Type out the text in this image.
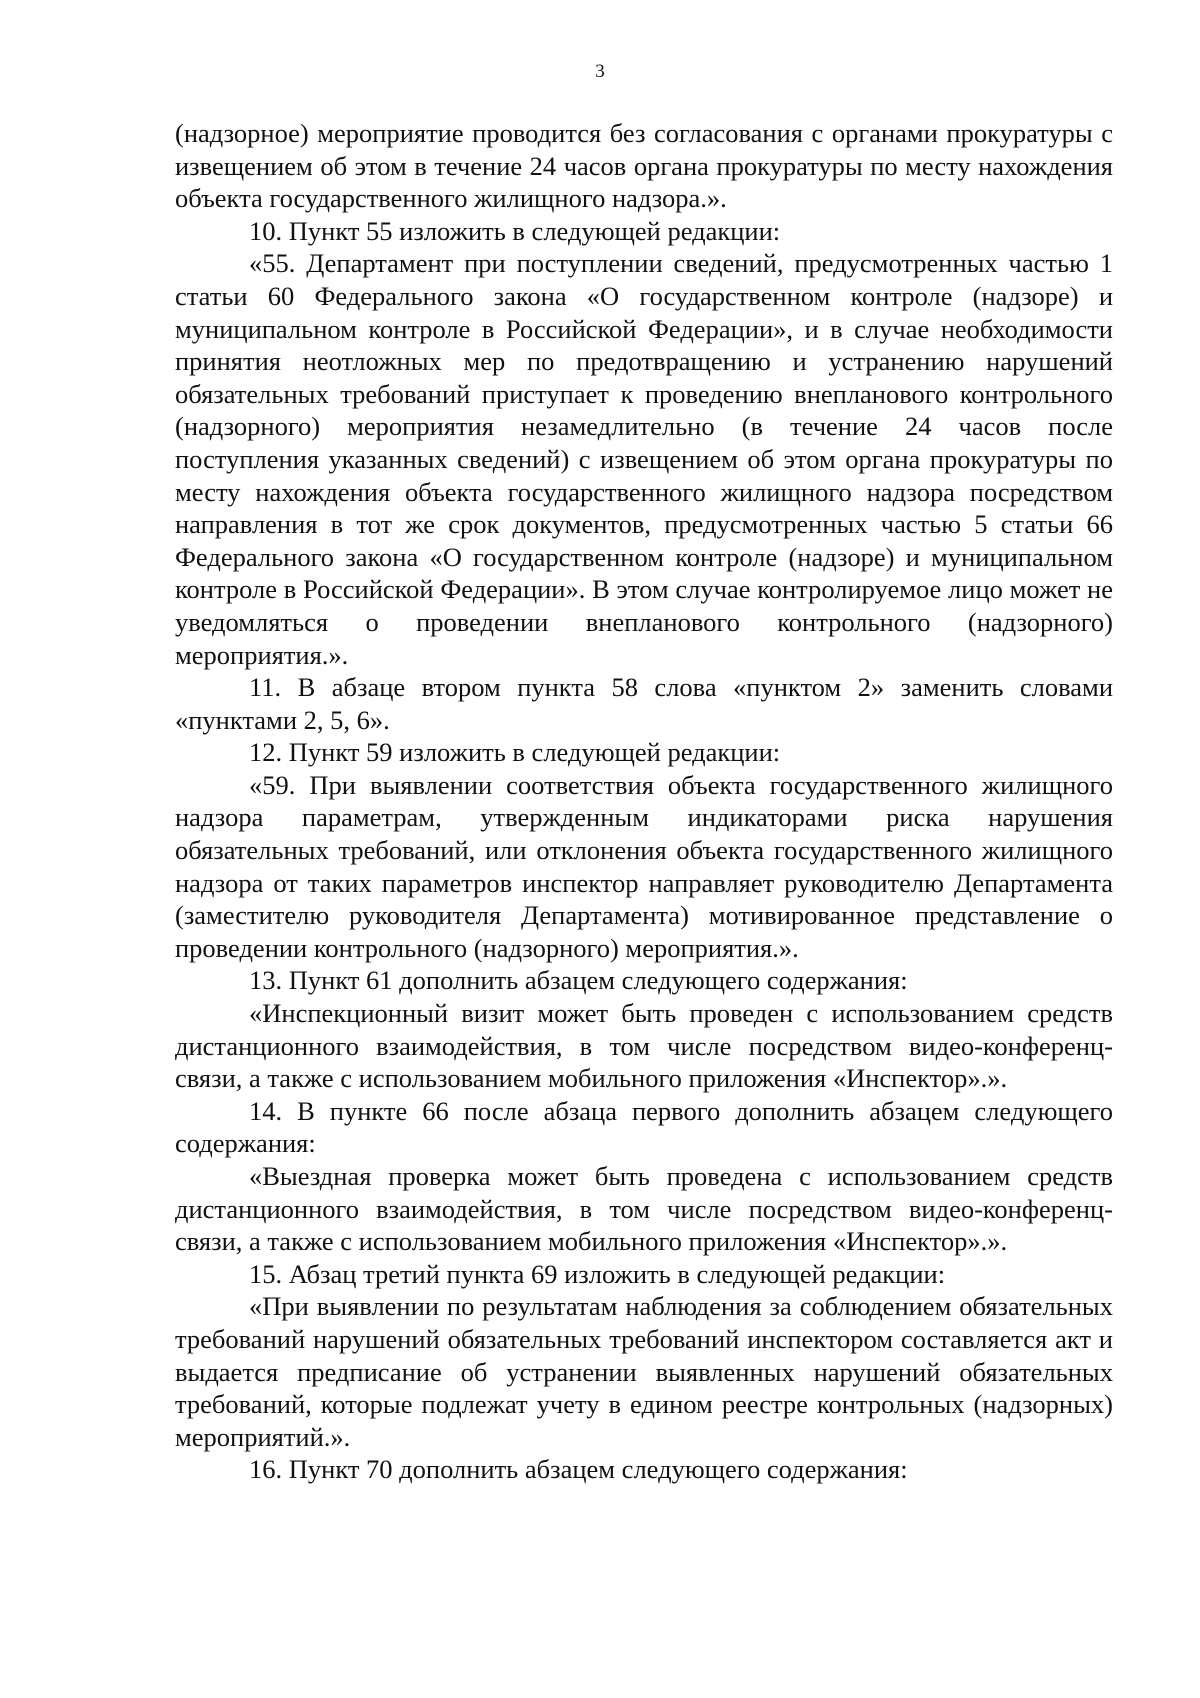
3

(надзорное) мероприятие проводится без согласования с органами прокуратуры с извещением об этом в течение 24 часов органа прокуратуры по месту нахождения объекта государственного жилищного надзора.».

10. Пункт 55 изложить в следующей редакции:

«55. Департамент при поступлении сведений, предусмотренных частью 1 статьи 60 Федерального закона «О государственном контроле (надзоре) и муниципальном контроле в Российской Федерации», и в случае необходимости принятия неотложных мер по предотвращению и устранению нарушений обязательных требований приступает к проведению внепланового контрольного (надзорного) мероприятия незамедлительно (в течение 24 часов после поступления указанных сведений) с извещением об этом органа прокуратуры по месту нахождения объекта государственного жилищного надзора посредством направления в тот же срок документов, предусмотренных частью 5 статьи 66 Федерального закона «О государственном контроле (надзоре) и муниципальном контроле в Российской Федерации». В этом случае контролируемое лицо может не уведомляться о проведении внепланового контрольного (надзорного) мероприятия.».

11. В абзаце втором пункта 58 слова «пунктом 2» заменить словами «пунктами 2, 5, 6».

12. Пункт 59 изложить в следующей редакции:

«59. При выявлении соответствия объекта государственного жилищного надзора параметрам, утвержденным индикаторами риска нарушения обязательных требований, или отклонения объекта государственного жилищного надзора от таких параметров инспектор направляет руководителю Департамента (заместителю руководителя Департамента) мотивированное представление о проведении контрольного (надзорного) мероприятия.».

13. Пункт 61 дополнить абзацем следующего содержания:

«Инспекционный визит может быть проведен с использованием средств дистанционного взаимодействия, в том числе посредством видео-конференц-связи, а также с использованием мобильного приложения «Инспектор».».

14. В пункте 66 после абзаца первого дополнить абзацем следующего содержания:

«Выездная проверка может быть проведена с использованием средств дистанционного взаимодействия, в том числе посредством видео-конференц-связи, а также с использованием мобильного приложения «Инспектор».».

15. Абзац третий пункта 69 изложить в следующей редакции:

«При выявлении по результатам наблюдения за соблюдением обязательных требований нарушений обязательных требований инспектором составляется акт и выдается предписание об устранении выявленных нарушений обязательных требований, которые подлежат учету в едином реестре контрольных (надзорных) мероприятий.».

16. Пункт 70 дополнить абзацем следующего содержания:
